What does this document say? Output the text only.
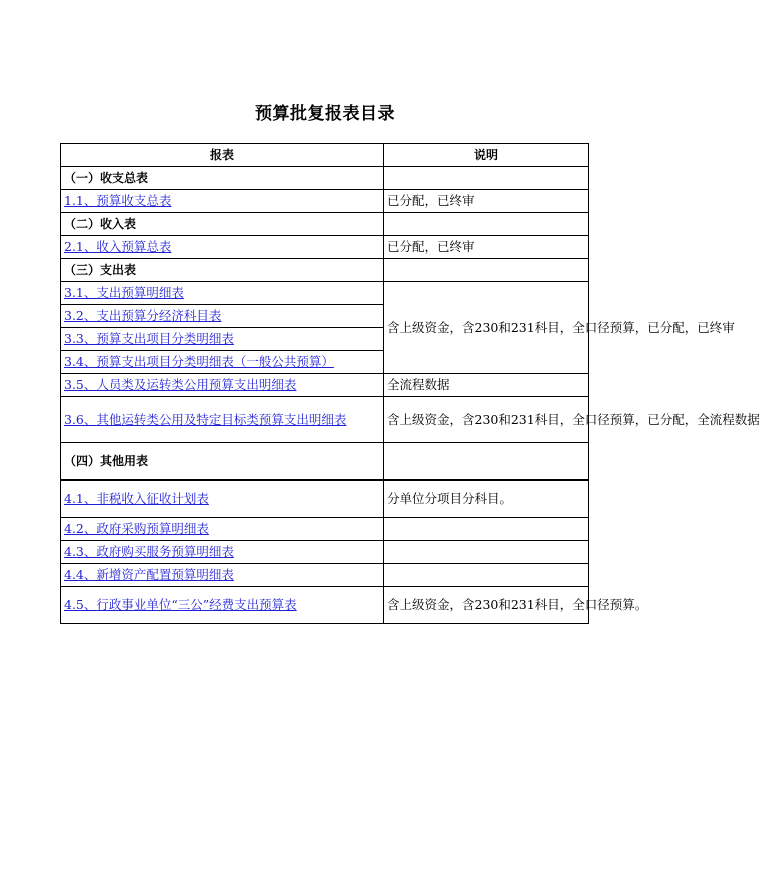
预算批复报表目录
报表	说明
（一）收支总表	
1.1、预算收支总表	已分配，已终审
（二）收入表	
2.1、收入预算总表	已分配，已终审
（三）支出表	
3.1、支出预算明细表	含上级资金，含230和231科目，全口径预算，已分配，已终审
3.2、支出预算分经济科目表	
3.3、预算支出项目分类明细表	
3.4、预算支出项目分类明细表（一般公共预算）	
3.5、人员类及运转类公用预算支出明细表	全流程数据
3.6、其他运转类公用及特定目标类预算支出明细表	含上级资金，含230和231科目，全口径预算，已分配，全流程数据
（四）其他用表	
4.1、非税收入征收计划表	分单位分项目分科目。
4.2、政府采购预算明细表	
4.3、政府购买服务预算明细表	
4.4、新增资产配置预算明细表	
4.5、行政事业单位“三公”经费支出预算表	含上级资金，含230和231科目，全口径预算。
